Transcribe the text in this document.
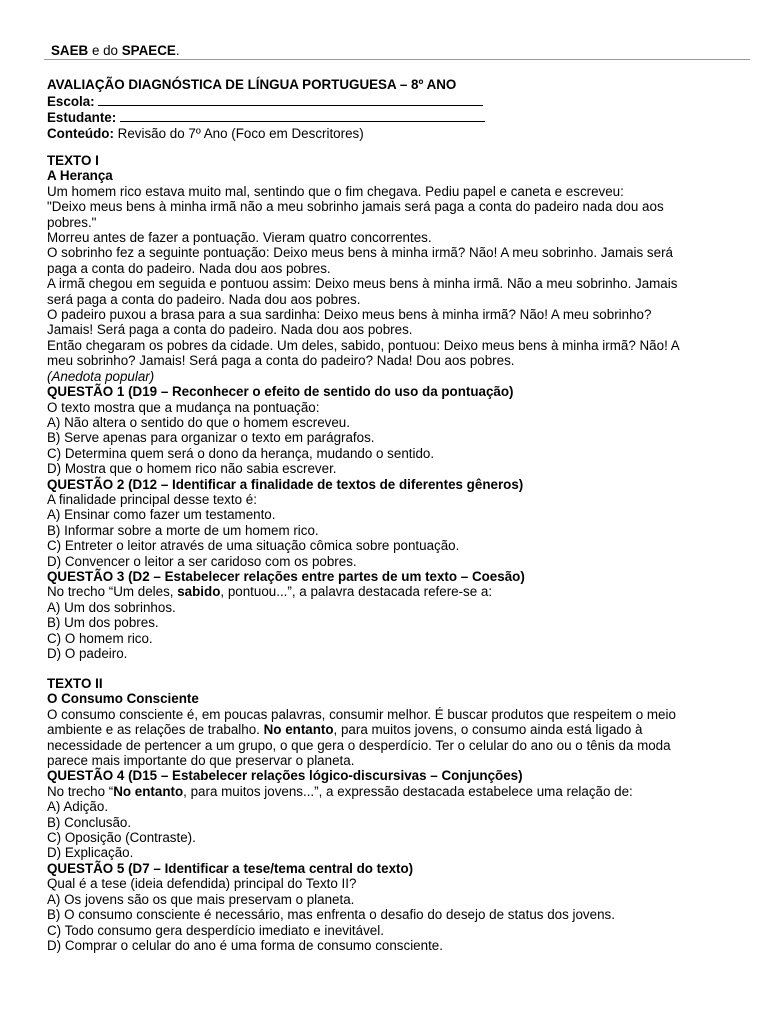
SAEB e do SPAECE.
AVALIAÇÃO DIAGNÓSTICA DE LÍNGUA PORTUGUESA – 8º ANO
Escola:
Estudante:
Conteúdo: Revisão do 7º Ano (Foco em Descritores)
TEXTO I
A Herança
Um homem rico estava muito mal, sentindo que o fim chegava. Pediu papel e caneta e escreveu:
"Deixo meus bens à minha irmã não a meu sobrinho jamais será paga a conta do padeiro nada dou aos
pobres."
Morreu antes de fazer a pontuação. Vieram quatro concorrentes.
O sobrinho fez a seguinte pontuação: Deixo meus bens à minha irmã? Não! A meu sobrinho. Jamais será
paga a conta do padeiro. Nada dou aos pobres.
A irmã chegou em seguida e pontuou assim: Deixo meus bens à minha irmã. Não a meu sobrinho. Jamais
será paga a conta do padeiro. Nada dou aos pobres.
O padeiro puxou a brasa para a sua sardinha: Deixo meus bens à minha irmã? Não! A meu sobrinho?
Jamais! Será paga a conta do padeiro. Nada dou aos pobres.
Então chegaram os pobres da cidade. Um deles, sabido, pontuou: Deixo meus bens à minha irmã? Não! A
meu sobrinho? Jamais! Será paga a conta do padeiro? Nada! Dou aos pobres.
(Anedota popular)
QUESTÃO 1 (D19 – Reconhecer o efeito de sentido do uso da pontuação)
O texto mostra que a mudança na pontuação:
A) Não altera o sentido do que o homem escreveu.
B) Serve apenas para organizar o texto em parágrafos.
C) Determina quem será o dono da herança, mudando o sentido.
D) Mostra que o homem rico não sabia escrever.
QUESTÃO 2 (D12 – Identificar a finalidade de textos de diferentes gêneros)
A finalidade principal desse texto é:
A) Ensinar como fazer um testamento.
B) Informar sobre a morte de um homem rico.
C) Entreter o leitor através de uma situação cômica sobre pontuação.
D) Convencer o leitor a ser caridoso com os pobres.
QUESTÃO 3 (D2 – Estabelecer relações entre partes de um texto – Coesão)
No trecho “Um deles, sabido, pontuou...”, a palavra destacada refere-se a:
A) Um dos sobrinhos.
B) Um dos pobres.
C) O homem rico.
D) O padeiro.
TEXTO II
O Consumo Consciente
O consumo consciente é, em poucas palavras, consumir melhor. É buscar produtos que respeitem o meio
ambiente e as relações de trabalho. No entanto, para muitos jovens, o consumo ainda está ligado à
necessidade de pertencer a um grupo, o que gera o desperdício. Ter o celular do ano ou o tênis da moda
parece mais importante do que preservar o planeta.
QUESTÃO 4 (D15 – Estabelecer relações lógico-discursivas – Conjunções)
No trecho “No entanto, para muitos jovens...”, a expressão destacada estabelece uma relação de:
A) Adição.
B) Conclusão.
C) Oposição (Contraste).
D) Explicação.
QUESTÃO 5 (D7 – Identificar a tese/tema central do texto)
Qual é a tese (ideia defendida) principal do Texto II?
A) Os jovens são os que mais preservam o planeta.
B) O consumo consciente é necessário, mas enfrenta o desafio do desejo de status dos jovens.
C) Todo consumo gera desperdício imediato e inevitável.
D) Comprar o celular do ano é uma forma de consumo consciente.
